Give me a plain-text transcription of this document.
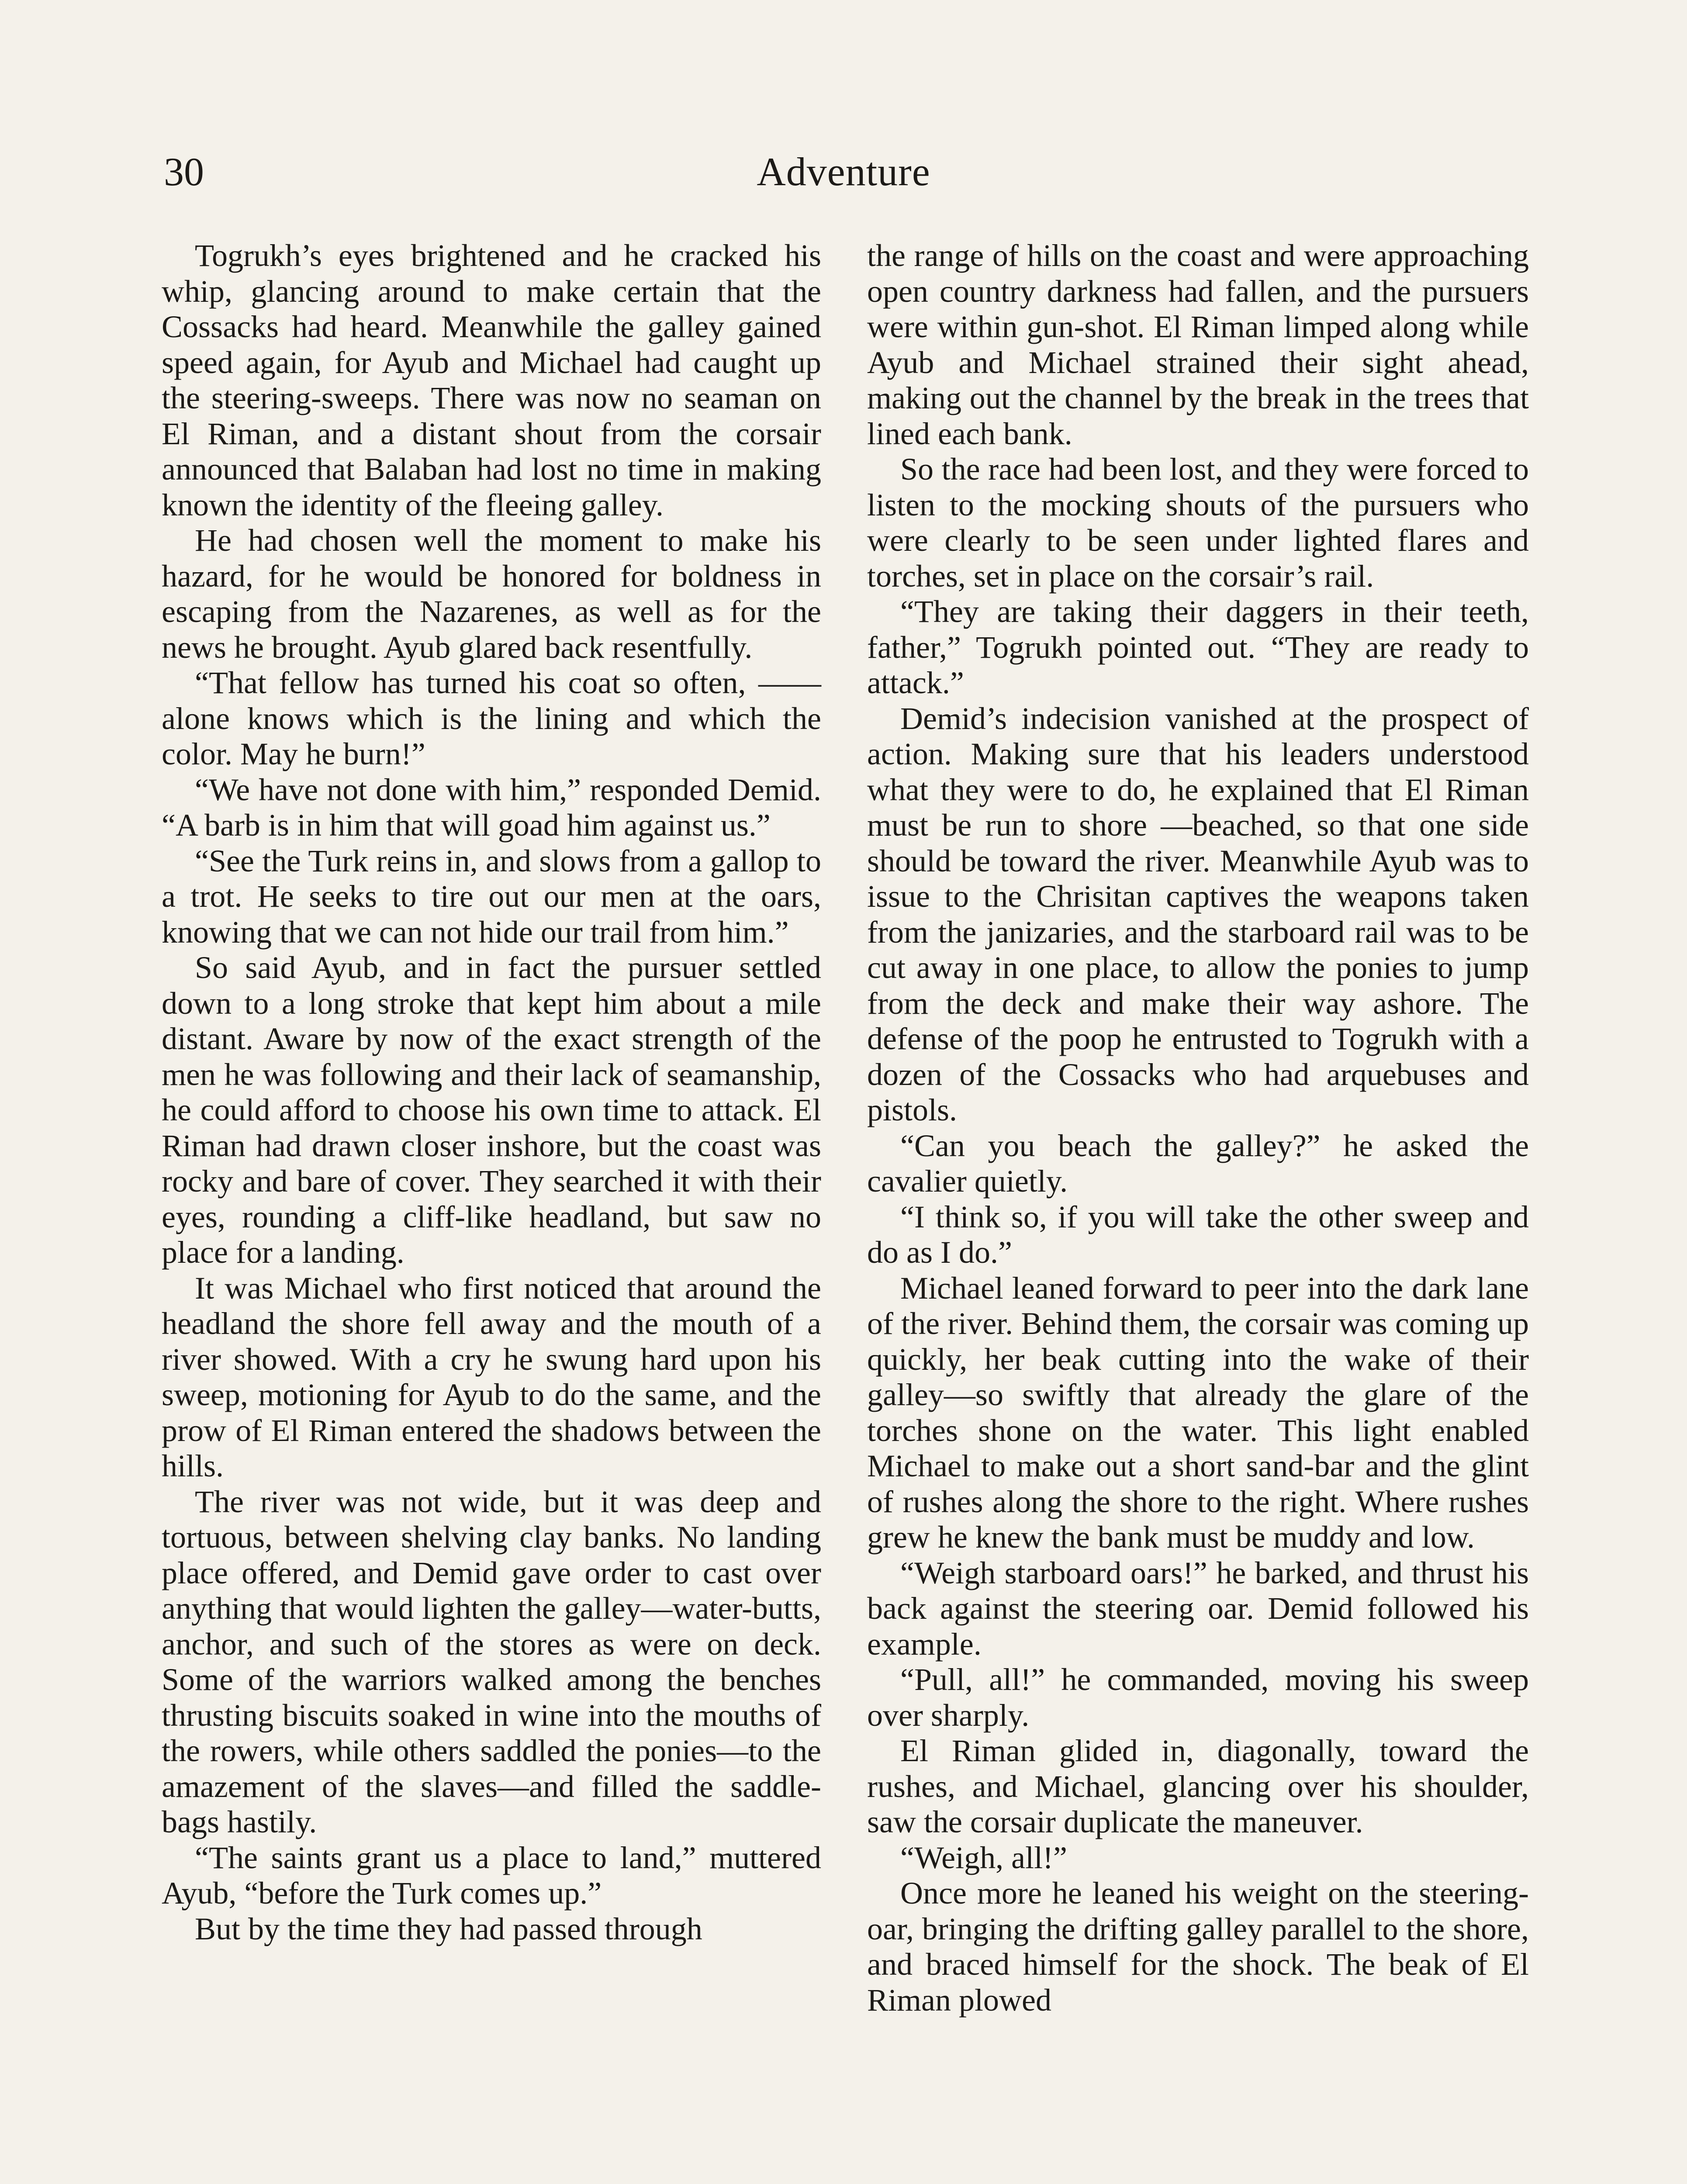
30	Adventure

Togrukh’s eyes brightened and he cracked his whip, glancing around to make certain that the Cossacks had heard. Meanwhile the galley gained speed again, for Ayub and Michael had caught up the steering-sweeps. There was now no seaman on El Riman, and a distant shout from the corsair announced that Balaban had lost no time in making known the identity of the fleeing galley.

He had chosen well the moment to make his hazard, for he would be honored for boldness in escaping from the Nazarenes, as well as for the news he brought. Ayub glared back resentfully.

“That fellow has turned his coat so often, —— alone knows which is the lining and which the color. May he burn!”

“We have not done with him,” responded Demid. “A barb is in him that will goad him against us.”

“See the Turk reins in, and slows from a gallop to a trot. He seeks to tire out our men at the oars, knowing that we can not hide our trail from him.”

So said Ayub, and in fact the pursuer settled down to a long stroke that kept him about a mile distant. Aware by now of the exact strength of the men he was following and their lack of seamanship, he could afford to choose his own time to attack. El Riman had drawn closer inshore, but the coast was rocky and bare of cover. They searched it with their eyes, rounding a cliff-like headland, but saw no place for a landing.

It was Michael who first noticed that around the headland the shore fell away and the mouth of a river showed. With a cry he swung hard upon his sweep, motioning for Ayub to do the same, and the prow of El Riman entered the shadows between the hills.

The river was not wide, but it was deep and tortuous, between shelving clay banks. No landing place offered, and Demid gave order to cast over anything that would lighten the galley—water-butts, anchor, and such of the stores as were on deck. Some of the warriors walked among the benches thrusting biscuits soaked in wine into the mouths of the rowers, while others saddled the ponies—to the amazement of the slaves—and filled the saddle-bags hastily.

“The saints grant us a place to land,” muttered Ayub, “before the Turk comes up.”

But by the time they had passed through

the range of hills on the coast and were approaching open country darkness had fallen, and the pursuers were within gun-shot. El Riman limped along while Ayub and Michael strained their sight ahead, making out the channel by the break in the trees that lined each bank.

So the race had been lost, and they were forced to listen to the mocking shouts of the pursuers who were clearly to be seen under lighted flares and torches, set in place on the corsair’s rail.

“They are taking their daggers in their teeth, father,” Togrukh pointed out. “They are ready to attack.”

Demid’s indecision vanished at the prospect of action. Making sure that his leaders understood what they were to do, he explained that El Riman must be run to shore —beached, so that one side should be toward the river. Meanwhile Ayub was to issue to the Chrisitan captives the weapons taken from the janizaries, and the starboard rail was to be cut away in one place, to allow the ponies to jump from the deck and make their way ashore. The defense of the poop he entrusted to Togrukh with a dozen of the Cossacks who had arquebuses and pistols.

“Can you beach the galley?” he asked the cavalier quietly.

“I think so, if you will take the other sweep and do as I do.”

Michael leaned forward to peer into the dark lane of the river. Behind them, the corsair was coming up quickly, her beak cutting into the wake of their galley—so swiftly that already the glare of the torches shone on the water. This light enabled Michael to make out a short sand-bar and the glint of rushes along the shore to the right. Where rushes grew he knew the bank must be muddy and low.

“Weigh starboard oars!” he barked, and thrust his back against the steering oar. Demid followed his example.

“Pull, all!” he commanded, moving his sweep over sharply.

El Riman glided in, diagonally, toward the rushes, and Michael, glancing over his shoulder, saw the corsair duplicate the maneuver.

“Weigh, all!”

Once more he leaned his weight on the steering-oar, bringing the drifting galley parallel to the shore, and braced himself for the shock. The beak of El Riman plowed
